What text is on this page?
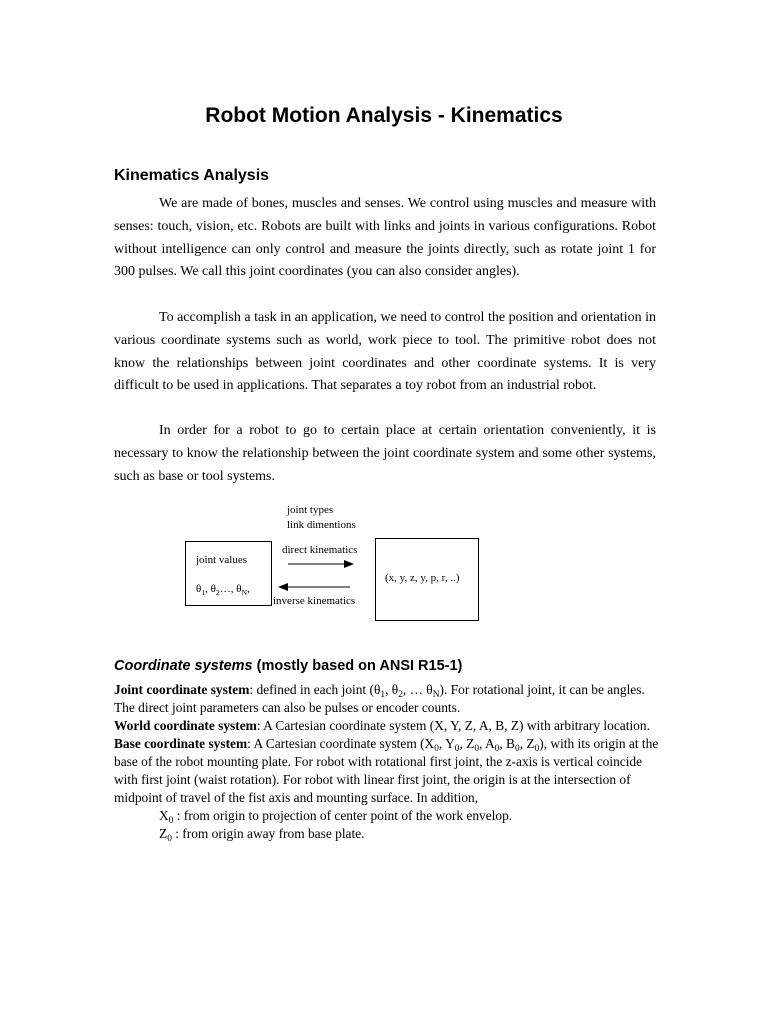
Robot Motion Analysis - Kinematics
Kinematics Analysis

We are made of bones, muscles and senses. We control using muscles and measure with senses: touch, vision, etc. Robots are built with links and joints in various configurations. Robot without intelligence can only control and measure the joints directly, such as rotate joint 1 for 300 pulses. We call this joint coordinates (you can also consider angles).

To accomplish a task in an application, we need to control the position and orientation in various coordinate systems such as world, work piece to tool. The primitive robot does not know the relationships between joint coordinates and other coordinate systems. It is very difficult to be used in applications. That separates a toy robot from an industrial robot.

In order for a robot to go to certain place at certain orientation conveniently, it is necessary to know the relationship between the joint coordinate system and some other systems, such as base or tool systems.

joint types
link dimentions
joint values
$\theta_1$, $\theta_2\dots$, $\theta_N$,
direct kinematics
inverse kinematics
(x, y, z, y, p, r, ..)
Coordinate systems (mostly based on ANSI R15-1)

Joint coordinate system: defined in each joint ($\theta_1$, $\theta_2$, … $\theta_N$). For rotational joint, it can be angles. The direct joint parameters can also be pulses or encoder counts.

World coordinate system: A Cartesian coordinate system (X, Y, Z, A, B, Z) with arbitrary location.

Base coordinate system: A Cartesian coordinate system ($X_0$, $Y_0$, $Z_0$, $A_0$, $B_0$, $Z_0$), with its origin at the base of the robot mounting plate. For robot with rotational first joint, the z-axis is vertical coincide with first joint (waist rotation). For robot with linear first joint, the origin is at the intersection of midpoint of travel of the fist axis and mounting surface. In addition,

$X_0$ : from origin to projection of center point of the work envelop.

$Z_0$ : from origin away from base plate.
